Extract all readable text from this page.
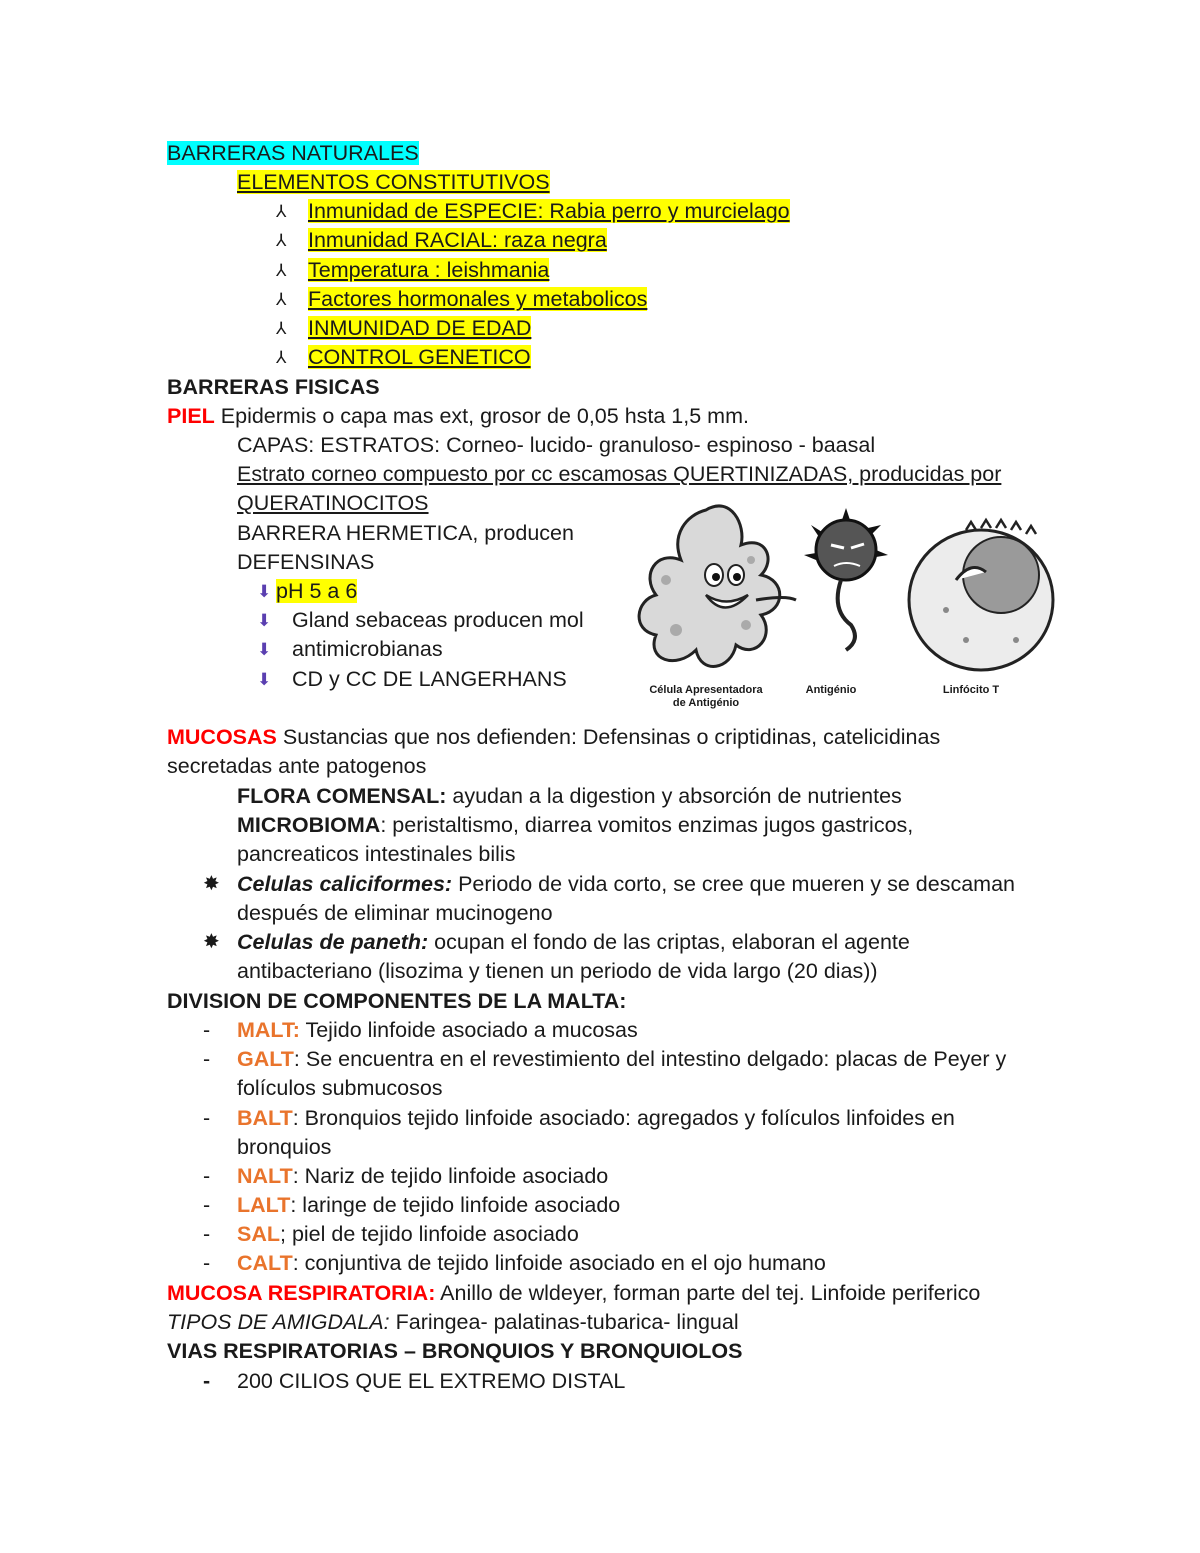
BARRERAS NATURALES
ELEMENTOS CONSTITUTIVOS
⅄ Inmunidad de ESPECIE: Rabia perro y murcielago
⅄ Inmunidad RACIAL: raza negra
⅄ Temperatura : leishmania
⅄ Factores hormonales y metabolicos
⅄ INMUNIDAD DE EDAD
⅄ CONTROL GENETICO
BARRERAS FISICAS
PIEL Epidermis o capa mas ext, grosor de 0,05 hsta 1,5 mm.
CAPAS: ESTRATOS: Corneo- lucido- granuloso- espinoso - baasal
Estrato corneo compuesto por cc escamosas QUERTINIZADAS, producidas por
QUERATINOCITOS
BARRERA HERMETICA, producen
DEFENSINAS
⬇ pH 5 a 6
⬇ Gland sebaceas producen mol
⬇ antimicrobianas
⬇ CD y CC DE LANGERHANS	Célula Apresentadora
de Antigénio
Antigénio	Linfócito T
MUCOSAS Sustancias que nos defienden: Defensinas o criptidinas, catelicidinas
secretadas ante patogenos
FLORA COMENSAL: ayudan a la digestion y absorción de nutrientes
MICROBIOMA: peristaltismo, diarrea vomitos enzimas jugos gastricos,
pancreaticos intestinales bilis
✸ Celulas caliciformes: Periodo de vida corto, se cree que mueren y se descaman
después de eliminar mucinogeno
✸ Celulas de paneth: ocupan el fondo de las criptas, elaboran el agente
antibacteriano (lisozima y tienen un periodo de vida largo (20 dias))
DIVISION DE COMPONENTES DE LA MALTA:
- MALT: Tejido linfoide asociado a mucosas
- GALT: Se encuentra en el revestimiento del intestino delgado: placas de Peyer y
folículos submucosos
- BALT: Bronquios tejido linfoide asociado: agregados y folículos linfoides en
bronquios
- NALT: Nariz de tejido linfoide asociado
- LALT: laringe de tejido linfoide asociado
- SAL; piel de tejido linfoide asociado
- CALT: conjuntiva de tejido linfoide asociado en el ojo humano
MUCOSA RESPIRATORIA: Anillo de wldeyer, forman parte del tej. Linfoide periferico
TIPOS DE AMIGDALA: Faringea- palatinas-tubarica- lingual
VIAS RESPIRATORIAS – BRONQUIOS Y BRONQUIOLOS
- 200 CILIOS QUE EL EXTREMO DISTAL
